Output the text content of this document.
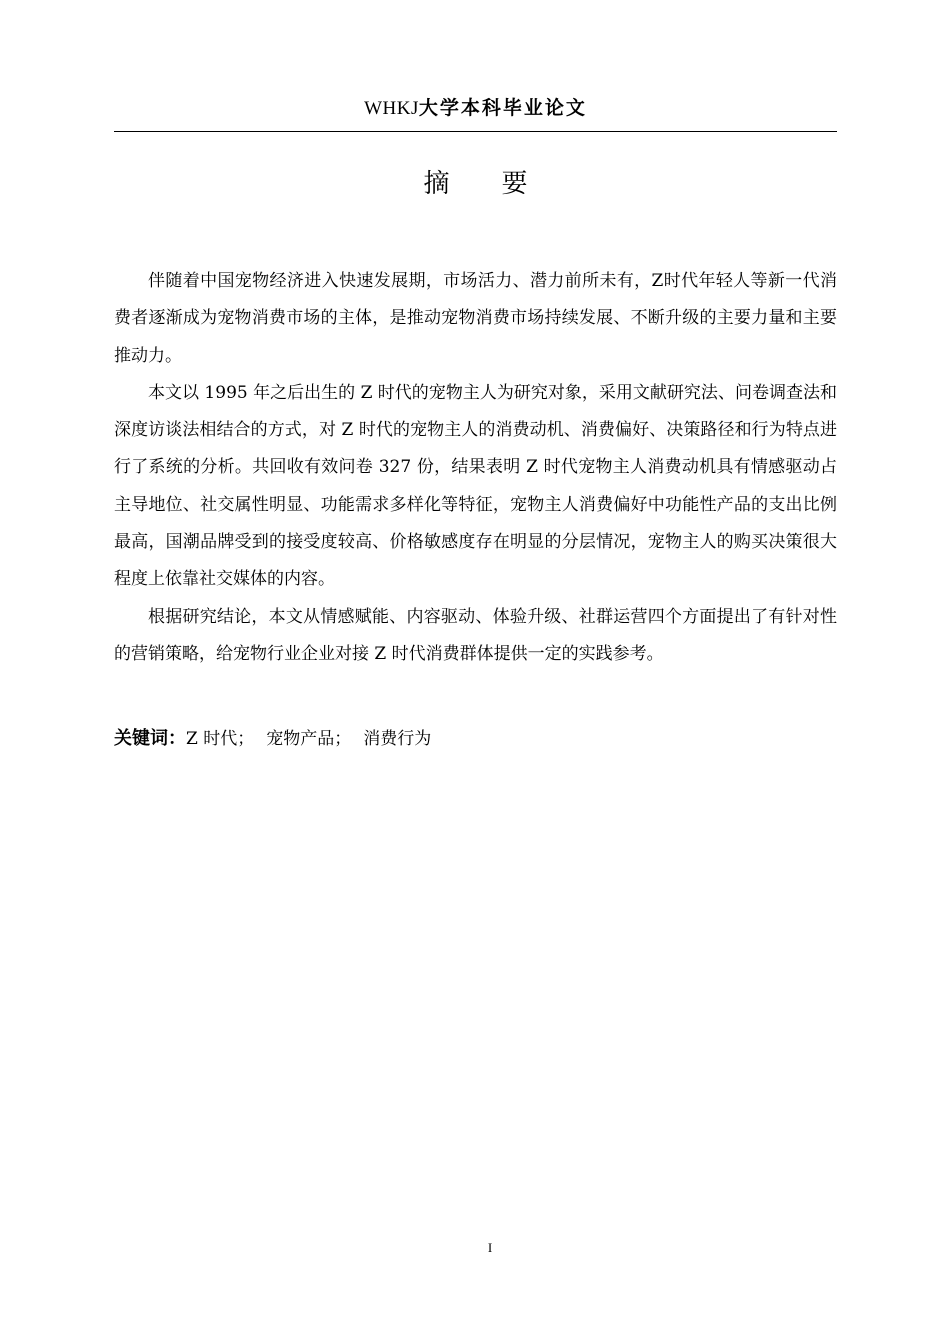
WHKJ大学本科毕业论文
摘要

伴随着中国宠物经济进入快速发展期，市场活力、潜力前所未有，Z时代年轻人等新一代消费者逐渐成为宠物消费市场的主体，是推动宠物消费市场持续发展、不断升级的主要力量和主要推动力。

本文以 1995 年之后出生的 Z 时代的宠物主人为研究对象，采用文献研究法、问卷调查法和深度访谈法相结合的方式，对 Z 时代的宠物主人的消费动机、消费偏好、决策路径和行为特点进行了系统的分析。共回收有效问卷 327 份，结果表明 Z 时代宠物主人消费动机具有情感驱动占主导地位、社交属性明显、功能需求多样化等特征，宠物主人消费偏好中功能性产品的支出比例最高，国潮品牌受到的接受度较高、价格敏感度存在明显的分层情况，宠物主人的购买决策很大程度上依靠社交媒体的内容。

根据研究结论，本文从情感赋能、内容驱动、体验升级、社群运营四个方面提出了有针对性的营销策略，给宠物行业企业对接 Z 时代消费群体提供一定的实践参考。

关键词：Z 时代； 宠物产品； 消费行为
I
